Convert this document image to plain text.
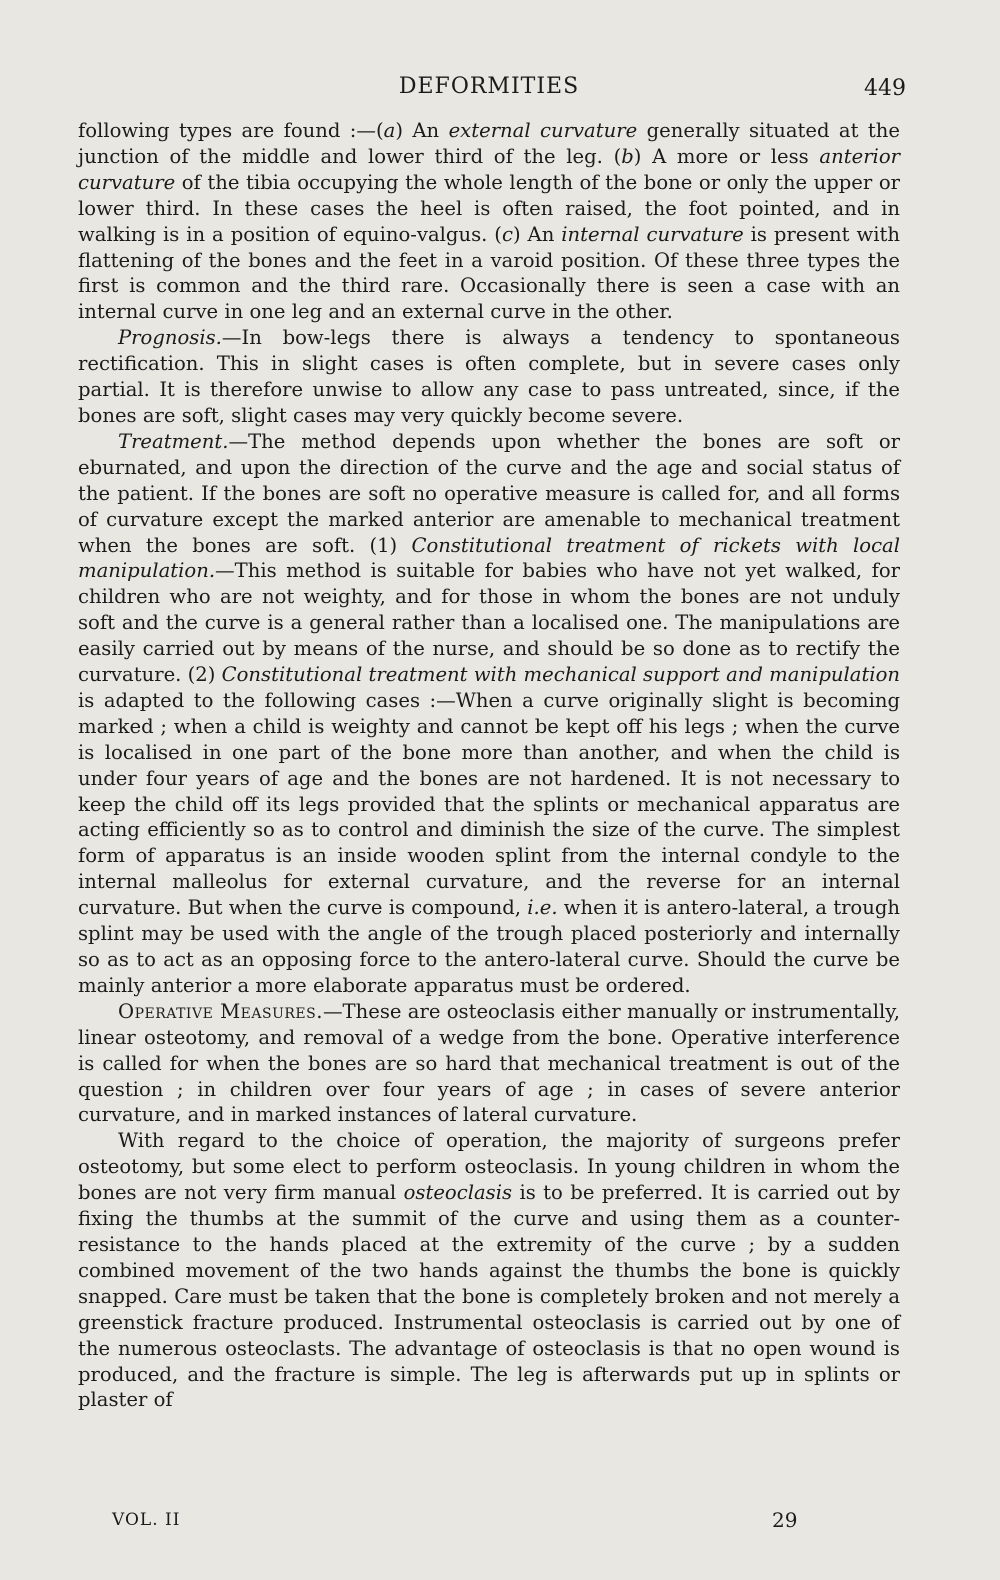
DEFORMITIES	449

following types are found :—(a) An external curvature generally situated at the junction of the middle and lower third of the leg. (b) A more or less anterior curvature of the tibia occupying the whole length of the bone or only the upper or lower third. In these cases the heel is often raised, the foot pointed, and in walking is in a position of equino-valgus. (c) An internal curvature is present with flattening of the bones and the feet in a varoid position. Of these three types the first is common and the third rare. Occasionally there is seen a case with an internal curve in one leg and an external curve in the other.

Prognosis.—In bow-legs there is always a tendency to spontaneous rectification. This in slight cases is often complete, but in severe cases only partial. It is therefore unwise to allow any case to pass untreated, since, if the bones are soft, slight cases may very quickly become severe.

Treatment.—The method depends upon whether the bones are soft or eburnated, and upon the direction of the curve and the age and social status of the patient. If the bones are soft no operative measure is called for, and all forms of curvature except the marked anterior are amenable to mechanical treatment when the bones are soft. (1) Constitutional treatment of rickets with local manipulation.—This method is suitable for babies who have not yet walked, for children who are not weighty, and for those in whom the bones are not unduly soft and the curve is a general rather than a localised one. The manipulations are easily carried out by means of the nurse, and should be so done as to rectify the curvature. (2) Constitutional treatment with mechanical support and manipulation is adapted to the following cases :—When a curve originally slight is becoming marked ; when a child is weighty and cannot be kept off his legs ; when the curve is localised in one part of the bone more than another, and when the child is under four years of age and the bones are not hardened. It is not necessary to keep the child off its legs provided that the splints or mechanical apparatus are acting efficiently so as to control and diminish the size of the curve. The simplest form of apparatus is an inside wooden splint from the internal condyle to the internal malleolus for external curvature, and the reverse for an internal curvature. But when the curve is compound, i.e. when it is antero-lateral, a trough splint may be used with the angle of the trough placed posteriorly and internally so as to act as an opposing force to the antero-lateral curve. Should the curve be mainly anterior a more elaborate apparatus must be ordered.

Operative Measures.—These are osteoclasis either manually or instrumentally, linear osteotomy, and removal of a wedge from the bone. Operative interference is called for when the bones are so hard that mechanical treatment is out of the question ; in children over four years of age ; in cases of severe anterior curvature, and in marked instances of lateral curvature.

With regard to the choice of operation, the majority of surgeons prefer osteotomy, but some elect to perform osteoclasis. In young children in whom the bones are not very firm manual osteoclasis is to be preferred. It is carried out by fixing the thumbs at the summit of the curve and using them as a counter-resistance to the hands placed at the extremity of the curve ; by a sudden combined movement of the two hands against the thumbs the bone is quickly snapped. Care must be taken that the bone is completely broken and not merely a greenstick fracture produced. Instrumental osteoclasis is carried out by one of the numerous osteoclasts. The advantage of osteoclasis is that no open wound is produced, and the fracture is simple. The leg is afterwards put up in splints or plaster of

VOL. II	29
